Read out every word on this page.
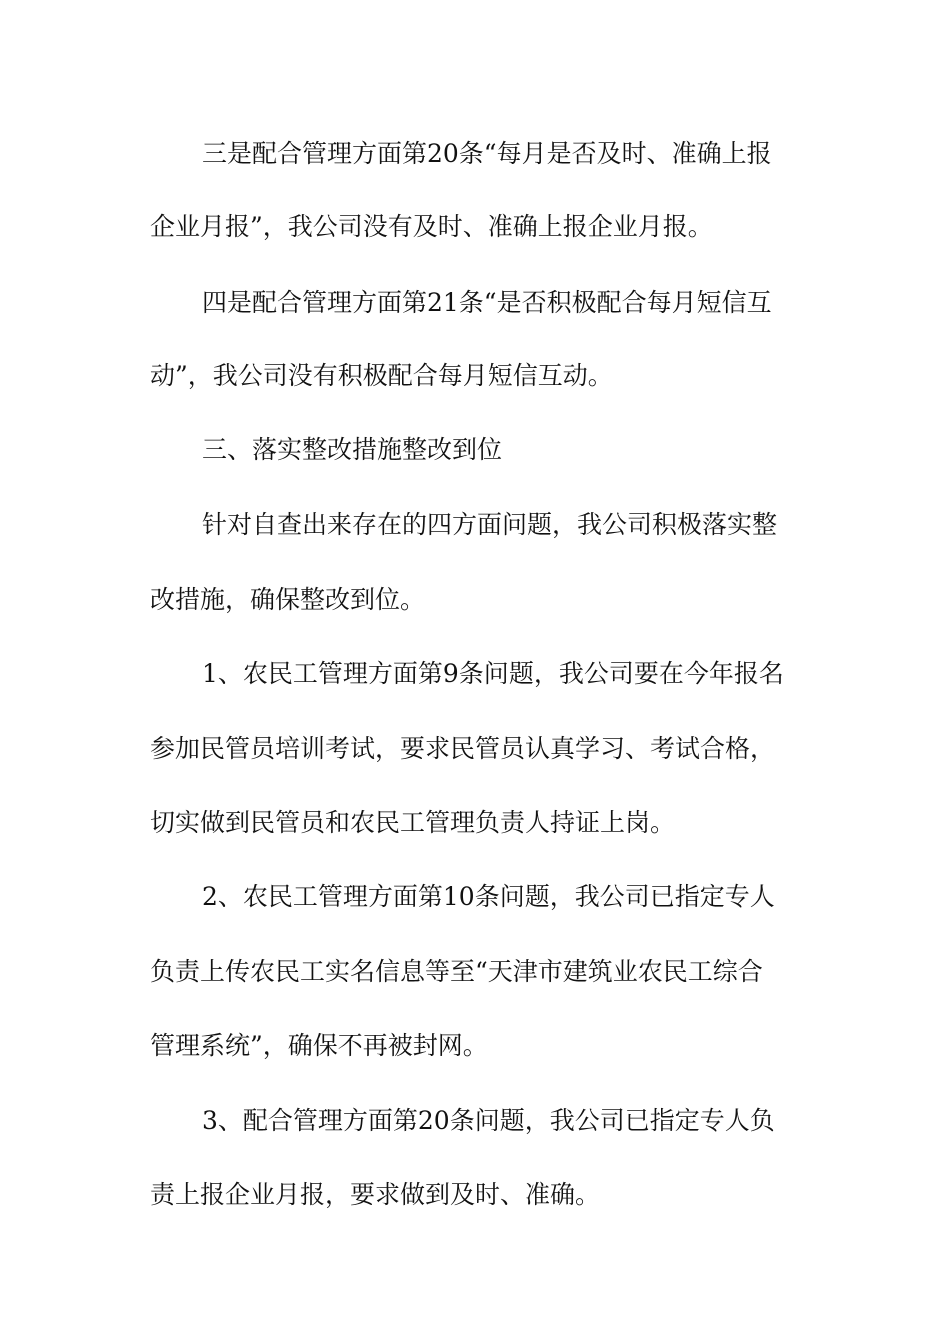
三是配合管理方面第20条“每月是否及时、准确上报
企业月报”，我公司没有及时、准确上报企业月报。
四是配合管理方面第21条“是否积极配合每月短信互
动”，我公司没有积极配合每月短信互动。
三、落实整改措施整改到位
针对自查出来存在的四方面问题，我公司积极落实整
改措施，确保整改到位。
1、农民工管理方面第9条问题，我公司要在今年报名
参加民管员培训考试，要求民管员认真学习、考试合格，
切实做到民管员和农民工管理负责人持证上岗。
2、农民工管理方面第10条问题，我公司已指定专人
负责上传农民工实名信息等至“天津市建筑业农民工综合
管理系统”，确保不再被封网。
3、配合管理方面第20条问题，我公司已指定专人负
责上报企业月报，要求做到及时、准确。
